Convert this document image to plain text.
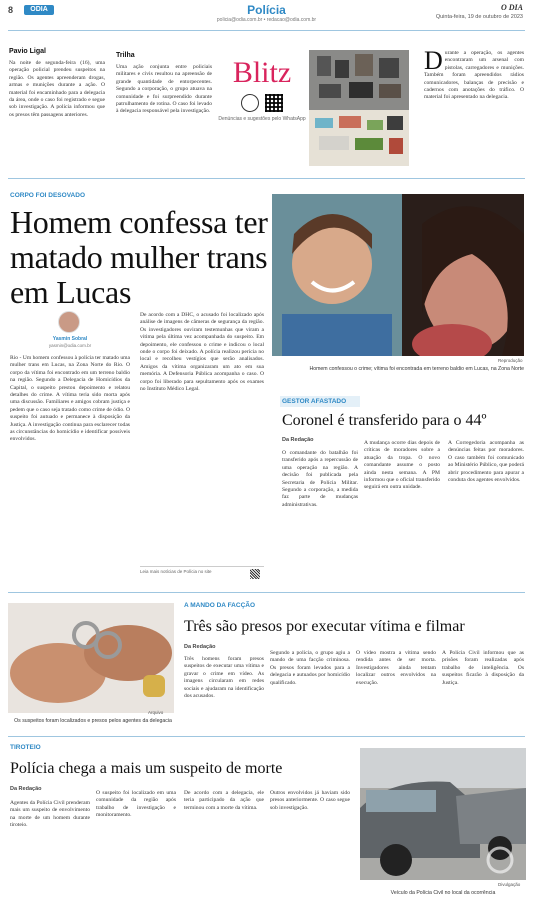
8	ODIA	Polícia
policia@odia.com.br • redacao@odia.com.br
O DIA
Quinta-feira, 19 de outubro de 2023
Pavio Ligal
Na noite de segunda-feira (16), uma operação policial prendeu suspeitos na região. Os agentes apreenderam drogas, armas e munições durante a ação. O material foi encaminhado para a delegacia da área, onde o caso foi registrado e segue sob investigação. A polícia informou que os presos têm passagens anteriores.
Trilha
Uma ação conjunta entre policiais militares e civis resultou na apreensão de grande quantidade de entorpecentes. Segundo a corporação, o grupo atuava na comunidade e foi surpreendido durante patrulhamento de rotina. O caso foi levado à delegacia responsável pela investigação.
Blitz
Denúncias e sugestões pelo WhatsApp
Durante a operação, os agentes encontraram um arsenal com pistolas, carregadores e munições. Também foram apreendidos rádios comunicadores, balanças de precisão e cadernos com anotações do tráfico. O material foi apresentado na delegacia.
CORPO FOI DESOVADO
Homem confessa ter matado mulher trans em Lucas
Yasmin Sobral
yasmin@odia.com.br
Rio - Um homem confessou à polícia ter matado uma mulher trans em Lucas, na Zona Norte do Rio. O corpo da vítima foi encontrado em um terreno baldio na região. Segundo a Delegacia de Homicídios da Capital, o suspeito prestou depoimento e relatou detalhes do crime. A vítima teria sido morta após uma discussão. Familiares e amigos cobram justiça e pedem que o caso seja tratado como crime de ódio. O suspeito foi autuado e permanece à disposição da Justiça. A investigação continua para esclarecer todas as circunstâncias do homicídio e identificar possíveis envolvidos.
De acordo com a DHC, o acusado foi localizado após análise de imagens de câmeras de segurança da região. Os investigadores ouviram testemunhas que viram a vítima pela última vez acompanhada do suspeito. Em depoimento, ele confessou o crime e indicou o local onde o corpo foi deixado. A polícia realizou perícia no local e recolheu vestígios que serão analisados. Amigos da vítima organizaram um ato em sua memória. A Defensoria Pública acompanha o caso. O corpo foi liberado para sepultamento após os exames no Instituto Médico Legal.
Leia mais notícias de Polícia no site
Reprodução
Homem confessou o crime; vítima foi encontrada em terreno baldio em Lucas, na Zona Norte
GESTOR AFASTADO
Coronel é transferido para o 44º
Da Redação
O comandante do batalhão foi transferido após a repercussão de uma operação na região. A decisão foi publicada pela Secretaria de Polícia Militar. Segundo a corporação, a medida faz parte de mudanças administrativas.
A mudança ocorre dias depois de críticas de moradores sobre a atuação da tropa. O novo comandante assume o posto ainda nesta semana. A PM informou que o oficial transferido seguirá em outra unidade.
A Corregedoria acompanha as denúncias feitas por moradores. O caso também foi comunicado ao Ministério Público, que poderá abrir procedimento para apurar a conduta dos agentes envolvidos.
Arquivo
Os suspeitos foram localizados e presos pelos agentes da delegacia
A MANDO DA FACÇÃO
Três são presos por executar vítima e filmar
Da Redação
Três homens foram presos suspeitos de executar uma vítima e gravar o crime em vídeo. As imagens circularam em redes sociais e ajudaram na identificação dos acusados.
Segundo a polícia, o grupo agiu a mando de uma facção criminosa. Os presos foram levados para a delegacia e autuados por homicídio qualificado.
O vídeo mostra a vítima sendo rendida antes de ser morta. Investigadores ainda tentam localizar outros envolvidos na execução.
A Polícia Civil informou que as prisões foram realizadas após trabalho de inteligência. Os suspeitos ficarão à disposição da Justiça.
TIROTEIO
Polícia chega a mais um suspeito de morte
Da Redação
Agentes da Polícia Civil prenderam mais um suspeito de envolvimento na morte de um homem durante tiroteio.
O suspeito foi localizado em uma comunidade da região após trabalho de investigação e monitoramento.
De acordo com a delegacia, ele teria participado da ação que terminou com a morte da vítima.
Outros envolvidos já haviam sido presos anteriormente. O caso segue sob investigação.
Divulgação
Veículo da Polícia Civil no local da ocorrência
